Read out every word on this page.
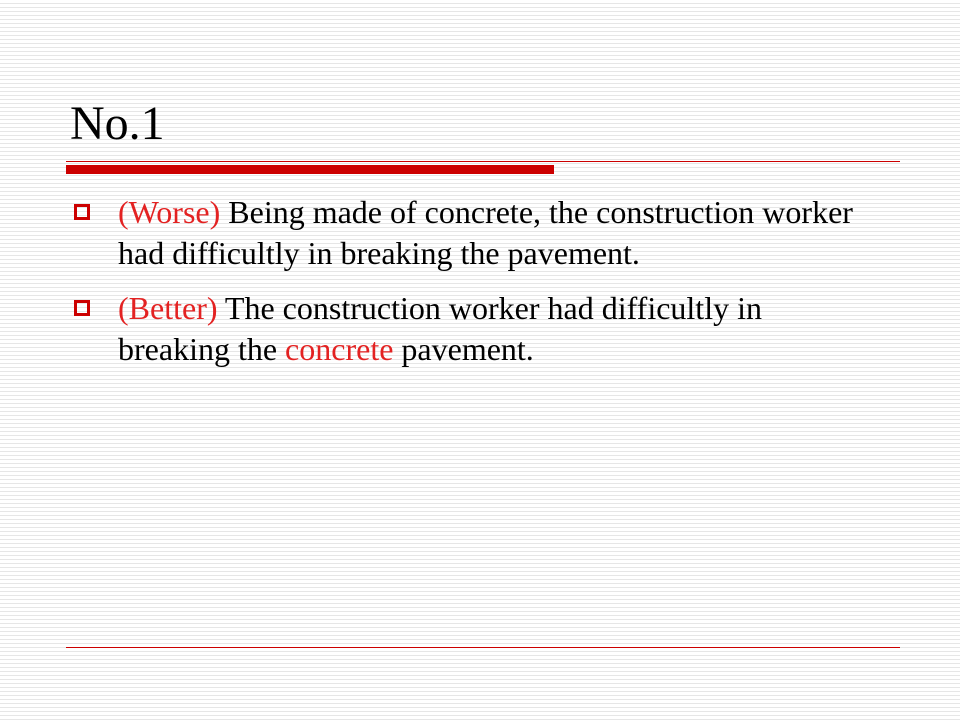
No.1
(Worse) Being made of concrete, the construction worker had difficultly in breaking the pavement.
(Better) The construction worker had difficultly in breaking the concrete pavement.
